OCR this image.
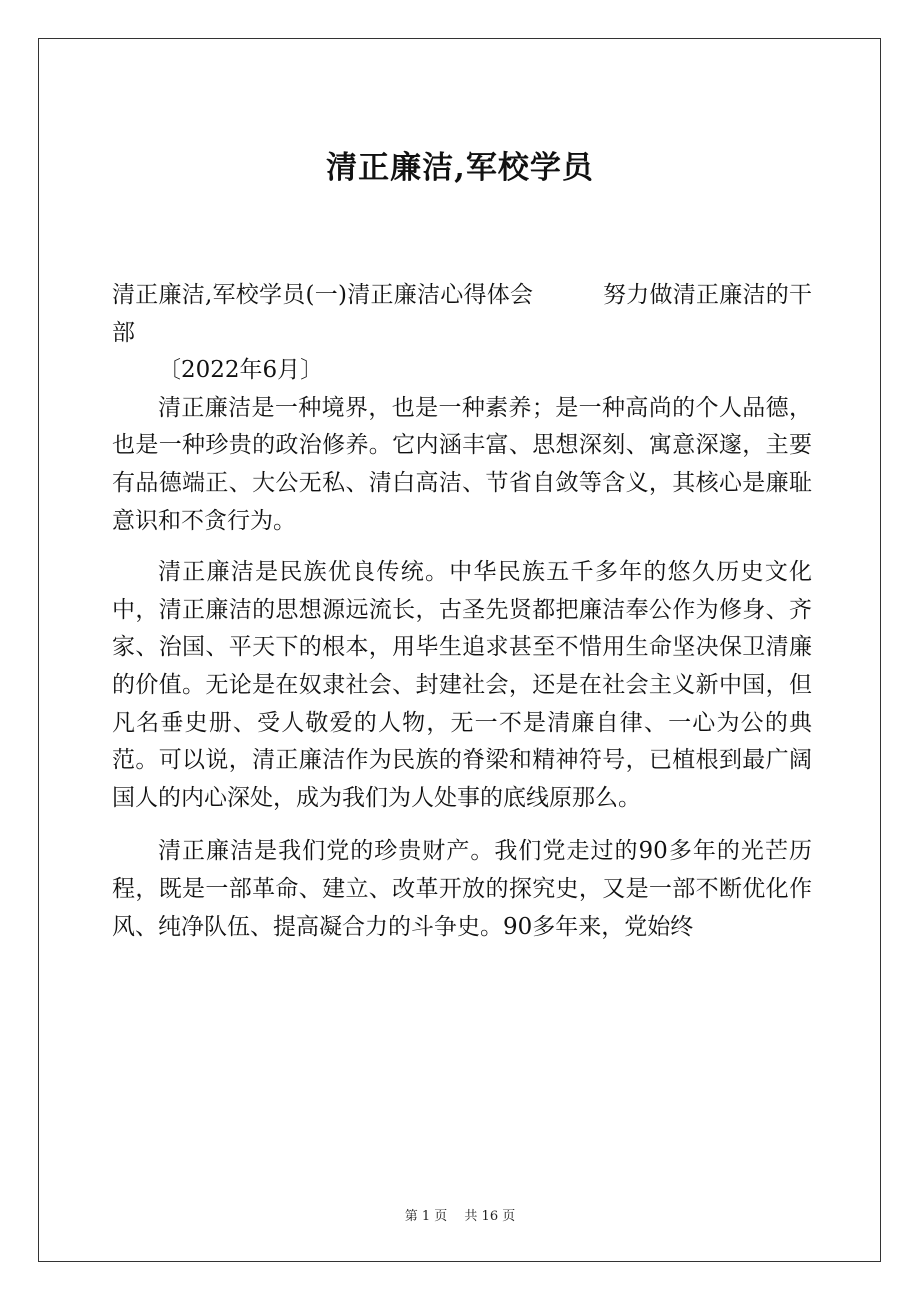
清正廉洁,军校学员

清正廉洁,军校学员(一)清正廉洁心得体会　　　努力做清正廉洁的干部

〔2022年6月〕

清正廉洁是一种境界，也是一种素养；是一种高尚的个人品德，也是一种珍贵的政治修养。它内涵丰富、思想深刻、寓意深邃，主要有品德端正、大公无私、清白高洁、节省自敛等含义，其核心是廉耻意识和不贪行为。

清正廉洁是民族优良传统。中华民族五千多年的悠久历史文化中，清正廉洁的思想源远流长，古圣先贤都把廉洁奉公作为修身、齐家、治国、平天下的根本，用毕生追求甚至不惜用生命坚决保卫清廉的价值。无论是在奴隶社会、封建社会，还是在社会主义新中国，但凡名垂史册、受人敬爱的人物，无一不是清廉自律、一心为公的典范。可以说，清正廉洁作为民族的脊梁和精神符号，已植根到最广阔国人的内心深处，成为我们为人处事的底线原那么。

清正廉洁是我们党的珍贵财产。我们党走过的90多年的光芒历程，既是一部革命、建立、改革开放的探究史，又是一部不断优化作风、纯净队伍、提高凝合力的斗争史。90多年来，党始终

第 1 页　 共 16 页
